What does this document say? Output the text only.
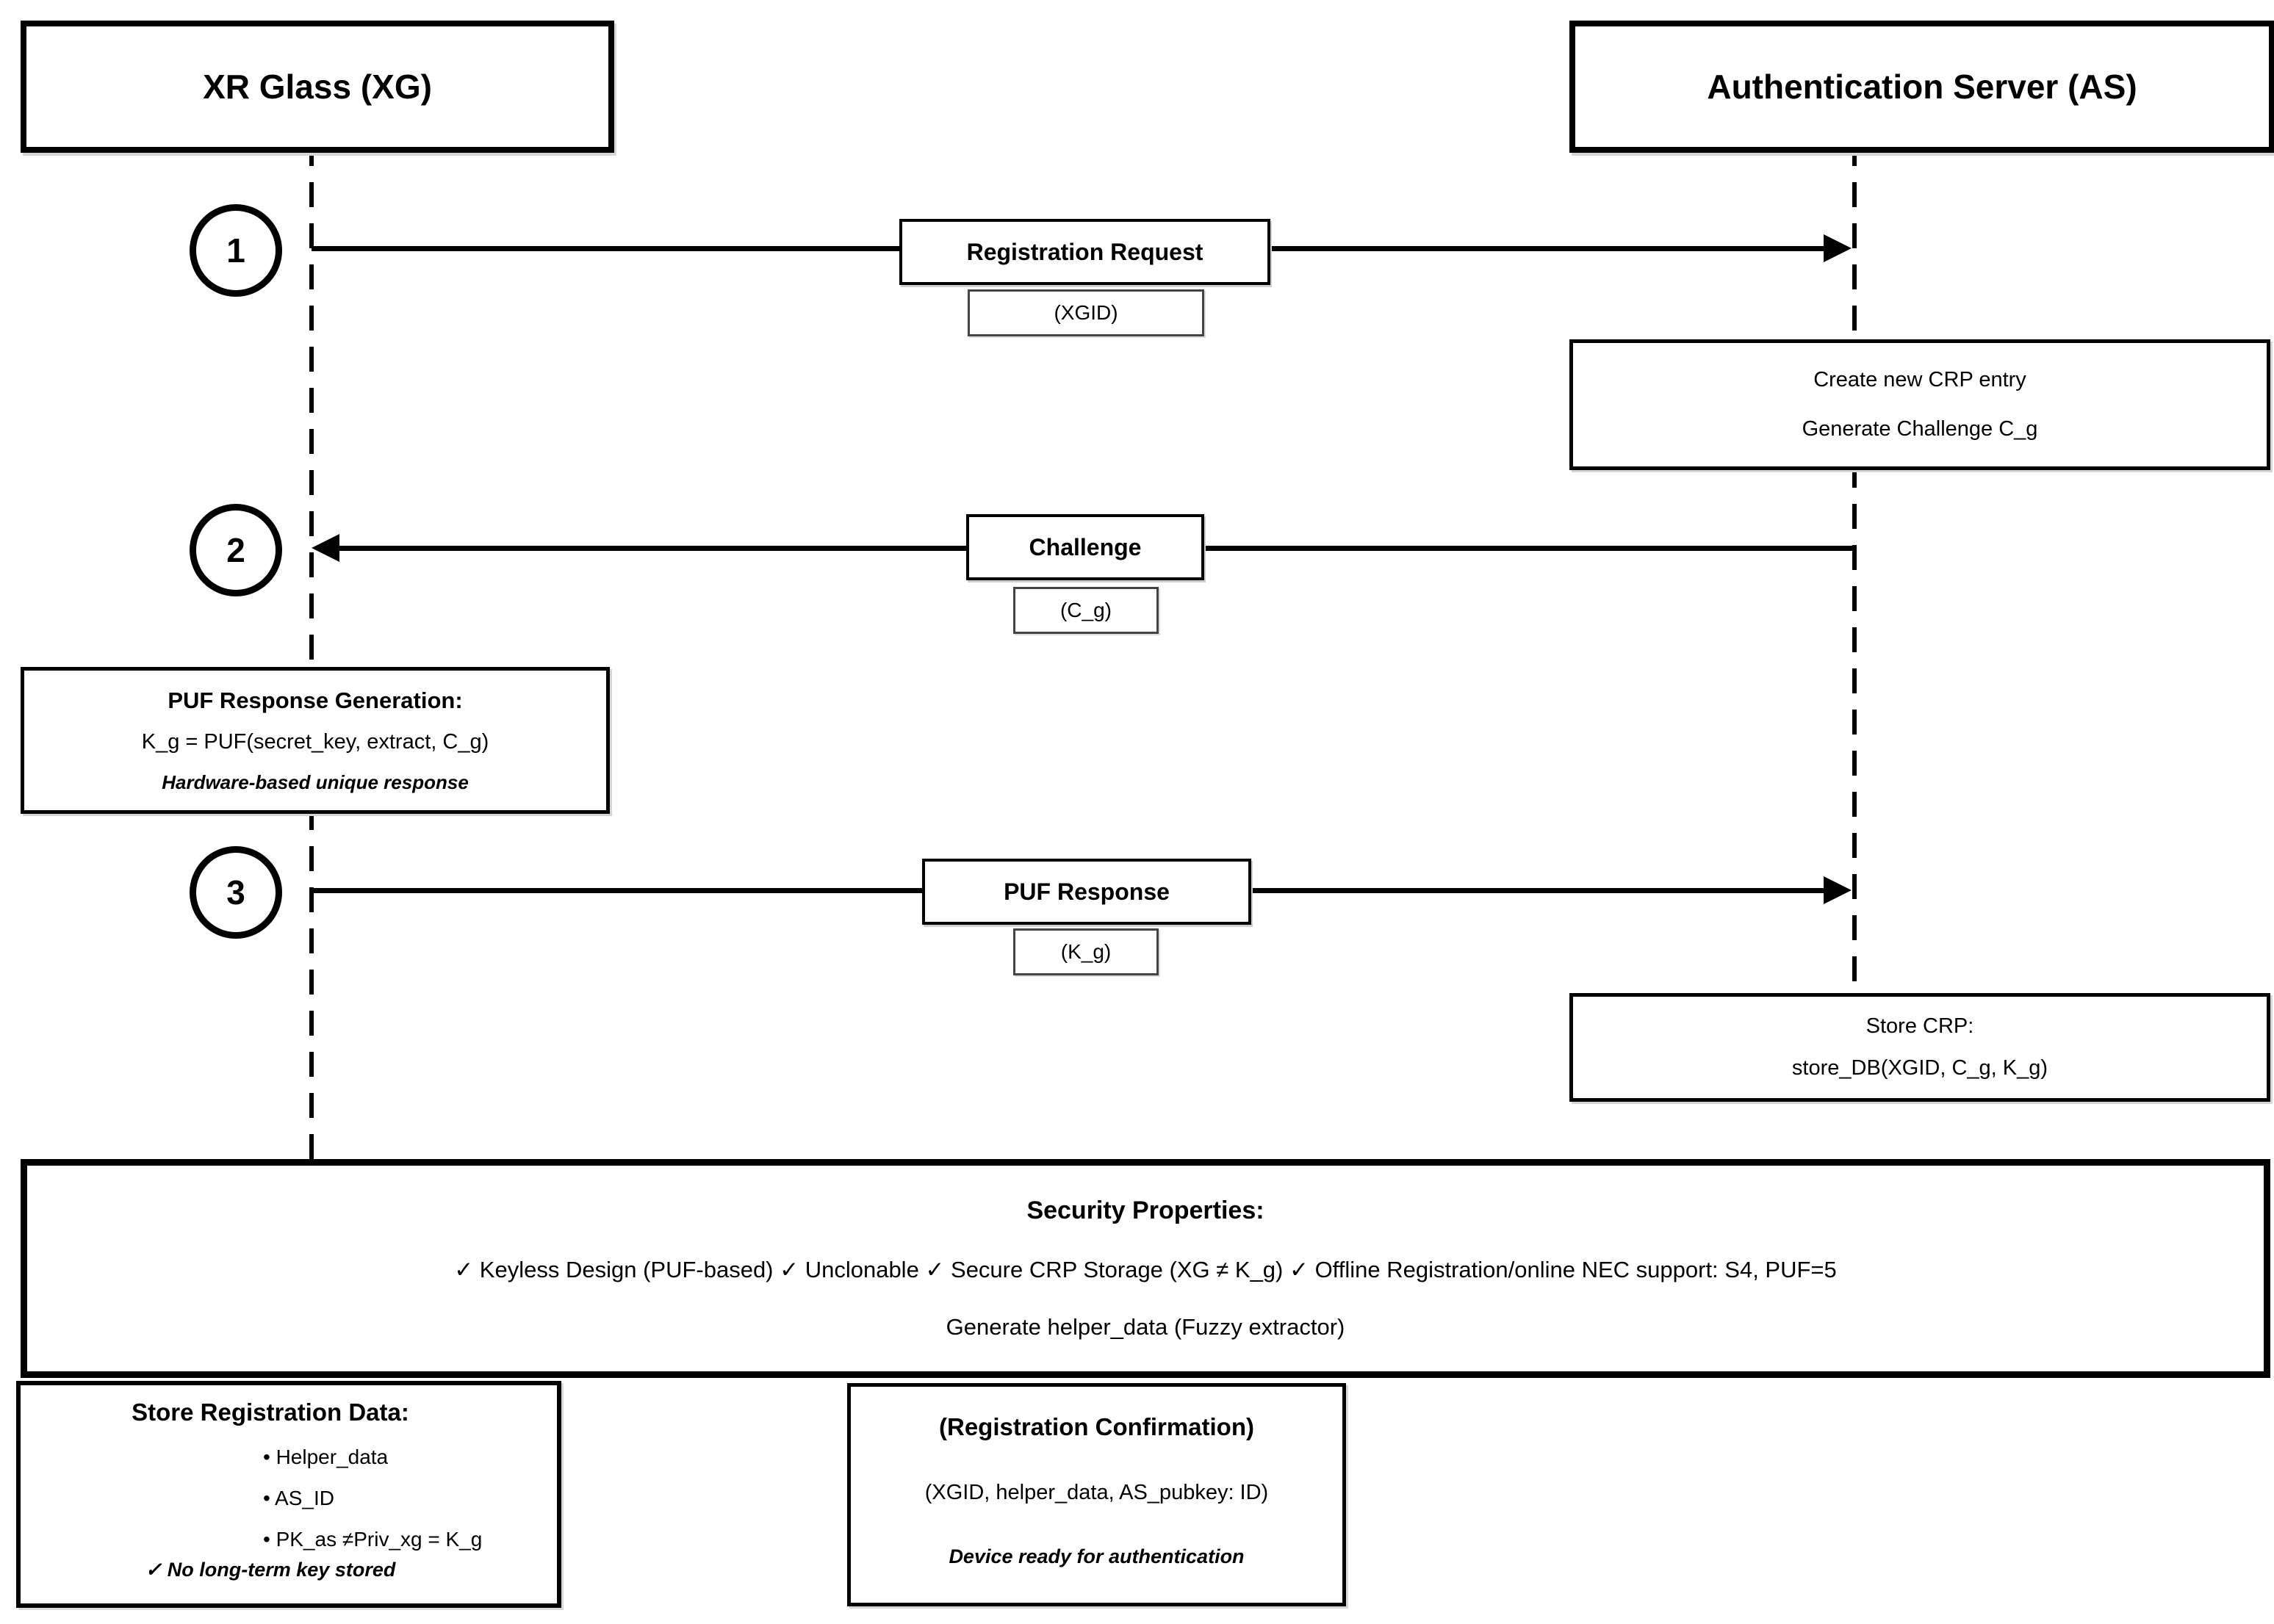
XR Glass (XG)	Authentication Server (AS)
1	Registration Request
(XGID)
Create new CRP entry
Generate Challenge C_g
2	Challenge
(C_g)
PUF Response Generation:
K_g = PUF(secret_key, extract, C_g)
Hardware-based unique response
3	PUF Response
(K_g)
Store CRP:
store_DB(XGID, C_g, K_g)
Security Properties:
✓ Keyless Design (PUF-based) ✓ Unclonable ✓ Secure CRP Storage (XG ≠ K_g) ✓ Offline Registration/online NEC support: S4, PUF=5
Generate helper_data (Fuzzy extractor)
Store Registration Data:
• Helper_data
• AS_ID
• PK_as ≠Priv_xg = K_g
✓ No long-term key stored
(Registration Confirmation)
(XGID, helper_data, AS_pubkey: ID)
Device ready for authentication
